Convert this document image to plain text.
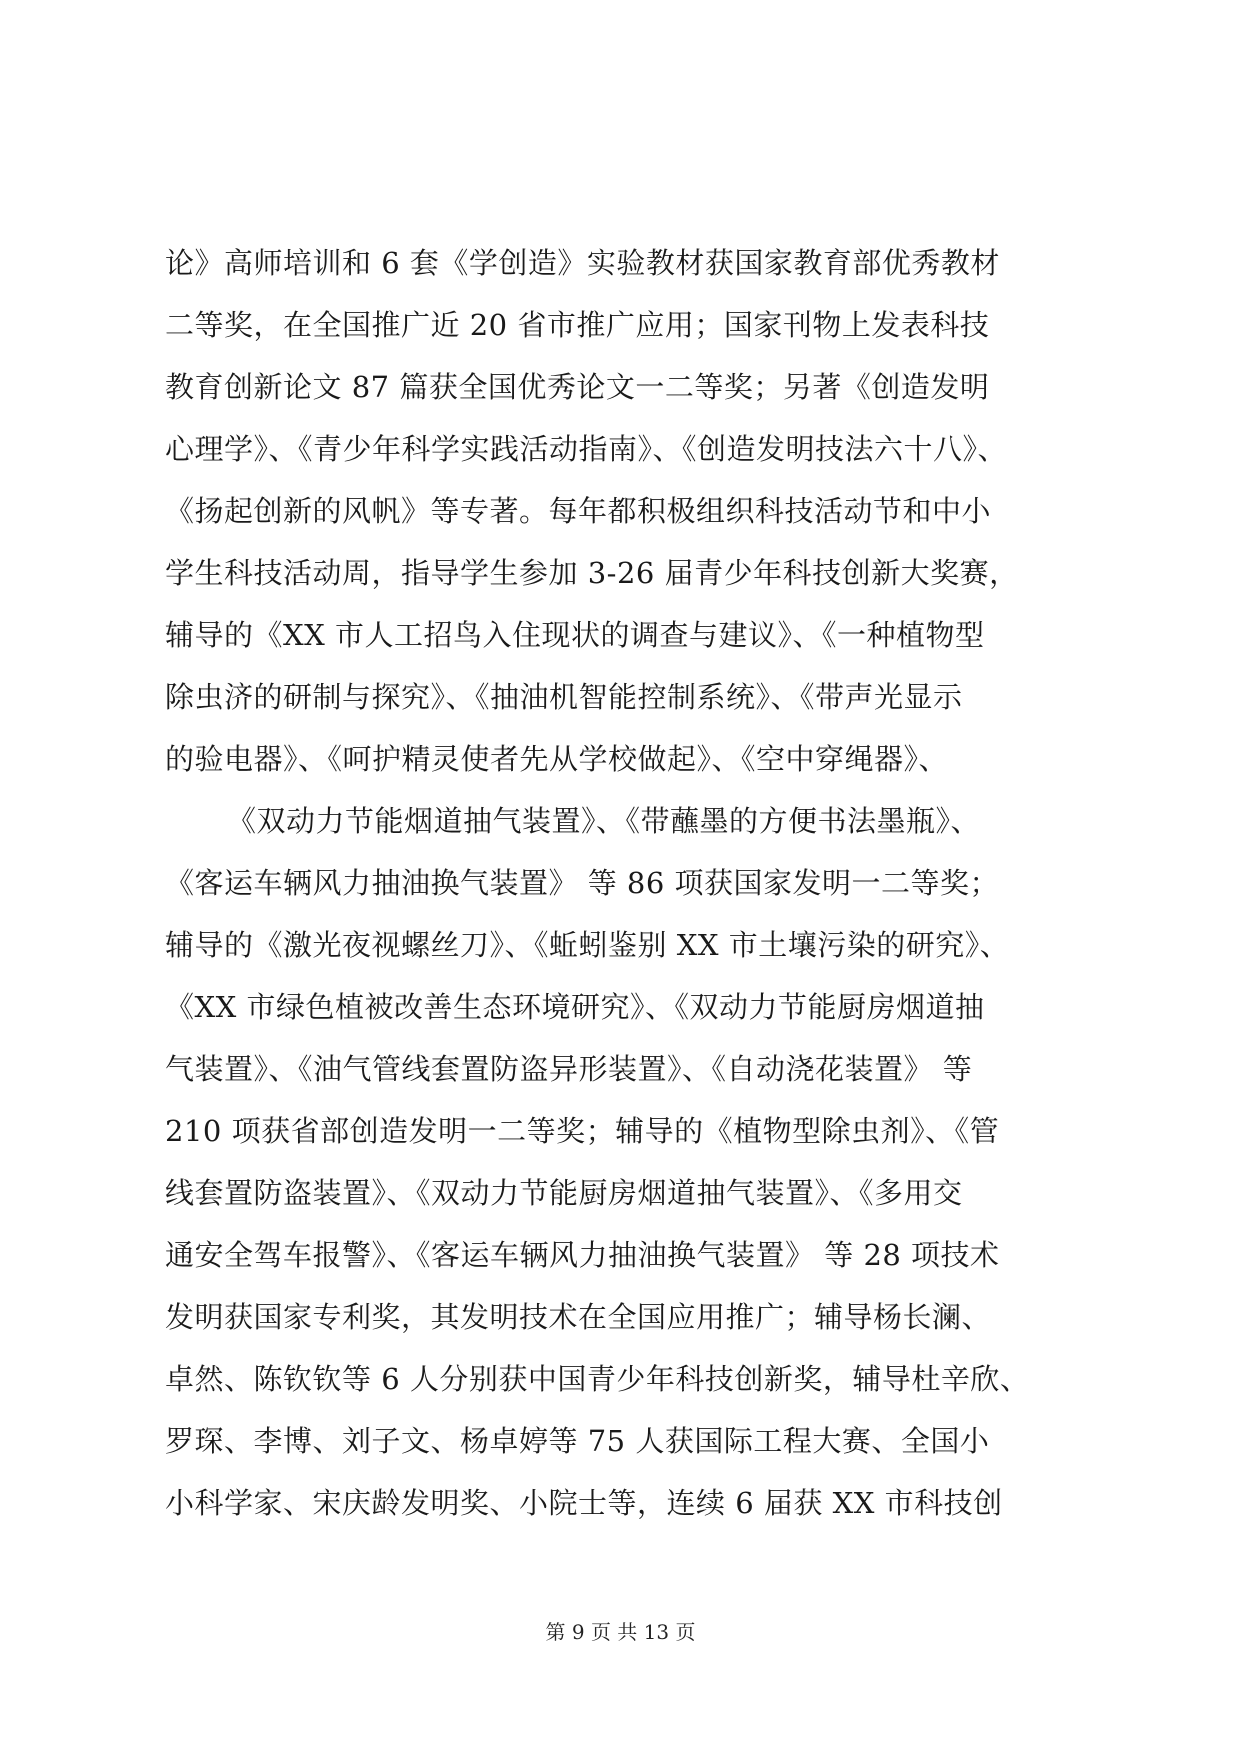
论》高师培训和 6 套《学创造》实验教材获国家教育部优秀教材
二等奖，在全国推广近 20 省市推广应用；国家刊物上发表科技
教育创新论文 87 篇获全国优秀论文一二等奖；另著《创造发明
心理学》、《青少年科学实践活动指南》、《创造发明技法六十八》、
《扬起创新的风帆》等专著。每年都积极组织科技活动节和中小
学生科技活动周，指导学生参加 3-26 届青少年科技创新大奖赛，
辅导的《XX 市人工招鸟入住现状的调查与建议》、《一种植物型
除虫济的研制与探究》、《抽油机智能控制系统》、《带声光显示
的验电器》、《呵护精灵使者先从学校做起》、《空中穿绳器》、
《双动力节能烟道抽气装置》、《带蘸墨的方便书法墨瓶》、
《客运车辆风力抽油换气装置》 等 86 项获国家发明一二等奖；
辅导的《激光夜视螺丝刀》、《蚯蚓鉴别 XX 市土壤污染的研究》、
《XX 市绿色植被改善生态环境研究》、《双动力节能厨房烟道抽
气装置》、《油气管线套置防盗异形装置》、《自动浇花装置》 等
210 项获省部创造发明一二等奖；辅导的《植物型除虫剂》、《管
线套置防盗装置》、《双动力节能厨房烟道抽气装置》、《多用交
通安全驾车报警》、《客运车辆风力抽油换气装置》 等 28 项技术
发明获国家专利奖，其发明技术在全国应用推广；辅导杨长澜、
卓然、陈钦钦等 6 人分别获中国青少年科技创新奖，辅导杜辛欣、
罗琛、李博、刘子文、杨卓婷等 75 人获国际工程大赛、全国小
小科学家、宋庆龄发明奖、小院士等，连续 6 届获 XX 市科技创
第 9 页 共 13 页
